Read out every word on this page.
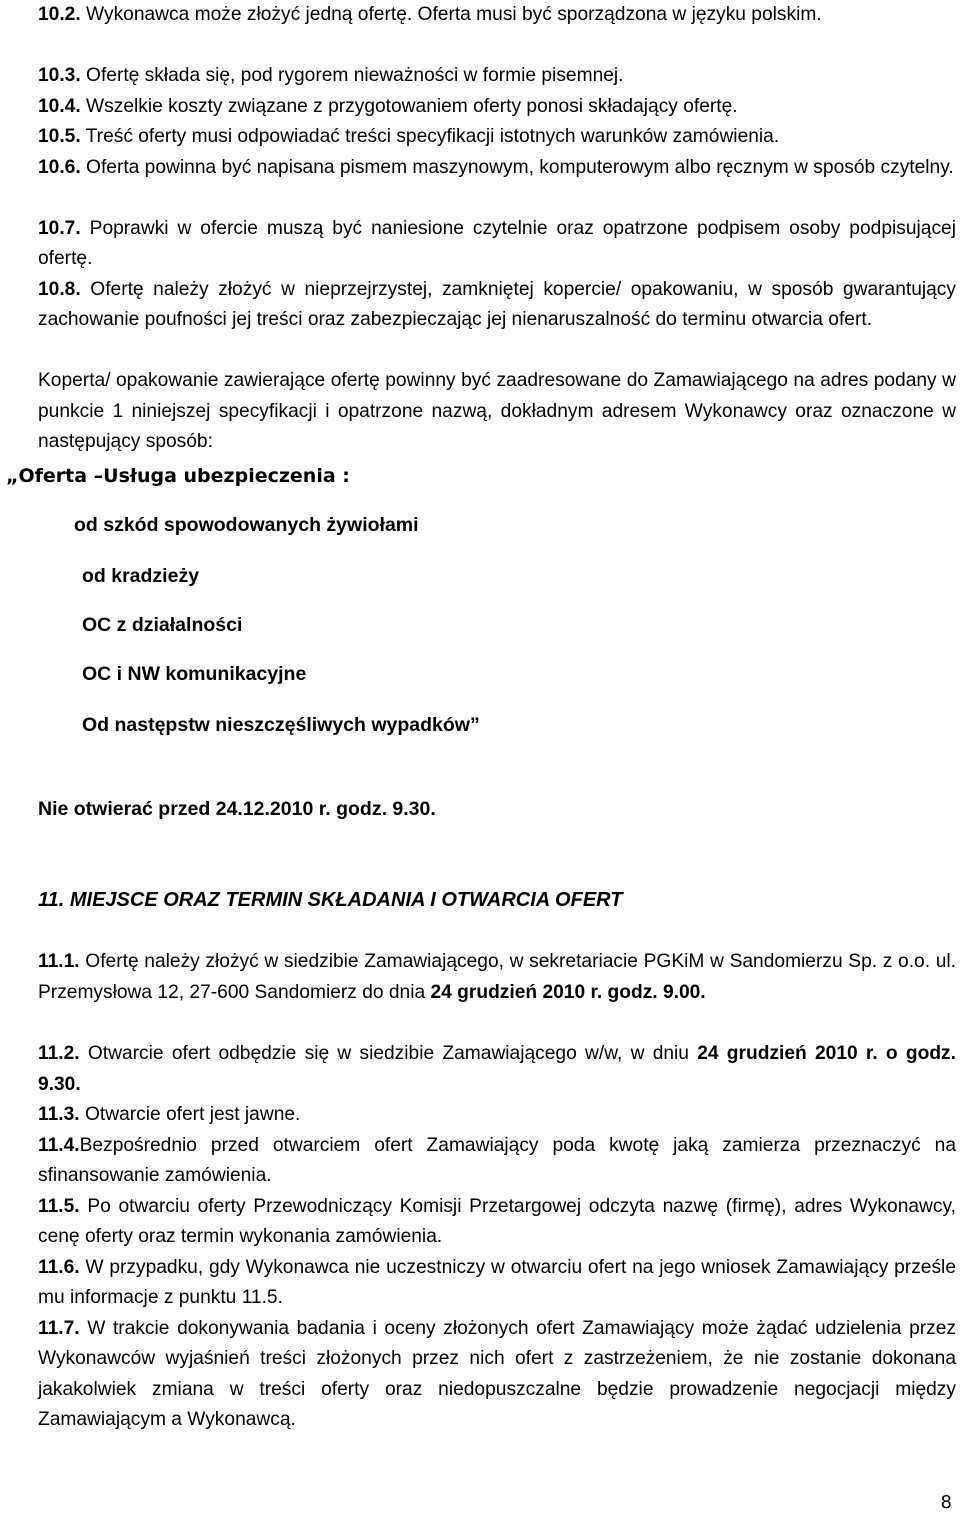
10.2. Wykonawca może złożyć jedną ofertę. Oferta musi być sporządzona w języku polskim.
10.3. Ofertę składa się, pod rygorem nieważności w formie pisemnej.
10.4. Wszelkie koszty związane z przygotowaniem oferty ponosi składający ofertę.
10.5. Treść oferty musi odpowiadać treści specyfikacji istotnych warunków zamówienia.
10.6. Oferta powinna być napisana pismem maszynowym, komputerowym albo ręcznym w sposób czytelny.
10.7. Poprawki w ofercie muszą być naniesione czytelnie oraz opatrzone podpisem osoby podpisującej ofertę.
10.8. Ofertę należy złożyć w nieprzejrzystej, zamkniętej kopercie/ opakowaniu, w sposób gwarantujący zachowanie poufności jej treści oraz zabezpieczając jej nienaruszalność do terminu otwarcia ofert.
Koperta/ opakowanie zawierające ofertę powinny być zaadresowane do Zamawiającego na adres podany w punkcie 1 niniejszej specyfikacji i opatrzone nazwą, dokładnym adresem Wykonawcy oraz oznaczone w następujący sposób:
„Oferta –Usługa ubezpieczenia :
od szkód spowodowanych żywiołami
od kradzieży
OC z działalności
OC i NW komunikacyjne
Od następstw nieszczęśliwych wypadków”
Nie otwierać przed 24.12.2010 r. godz. 9.30.
11. MIEJSCE ORAZ TERMIN SKŁADANIA I OTWARCIA OFERT
11.1. Ofertę należy złożyć w siedzibie Zamawiającego, w sekretariacie PGKiM w Sandomierzu Sp. z o.o. ul. Przemysłowa 12, 27-600 Sandomierz do dnia 24 grudzień 2010 r. godz. 9.00.
11.2. Otwarcie ofert odbędzie się w siedzibie Zamawiającego w/w, w dniu 24 grudzień 2010 r. o godz. 9.30.
11.3. Otwarcie ofert jest jawne.
11.4.Bezpośrednio przed otwarciem ofert Zamawiający poda kwotę jaką zamierza przeznaczyć na sfinansowanie zamówienia.
11.5. Po otwarciu oferty Przewodniczący Komisji Przetargowej odczyta nazwę (firmę), adres Wykonawcy, cenę oferty oraz termin wykonania zamówienia.
11.6. W przypadku, gdy Wykonawca nie uczestniczy w otwarciu ofert na jego wniosek Zamawiający prześle mu informacje z punktu 11.5.
11.7. W trakcie dokonywania badania i oceny złożonych ofert Zamawiający może żądać udzielenia przez Wykonawców wyjaśnień treści złożonych przez nich ofert z zastrzeżeniem, że nie zostanie dokonana jakakolwiek zmiana w treści oferty oraz niedopuszczalne będzie prowadzenie negocjacji między Zamawiającym a Wykonawcą.
8
